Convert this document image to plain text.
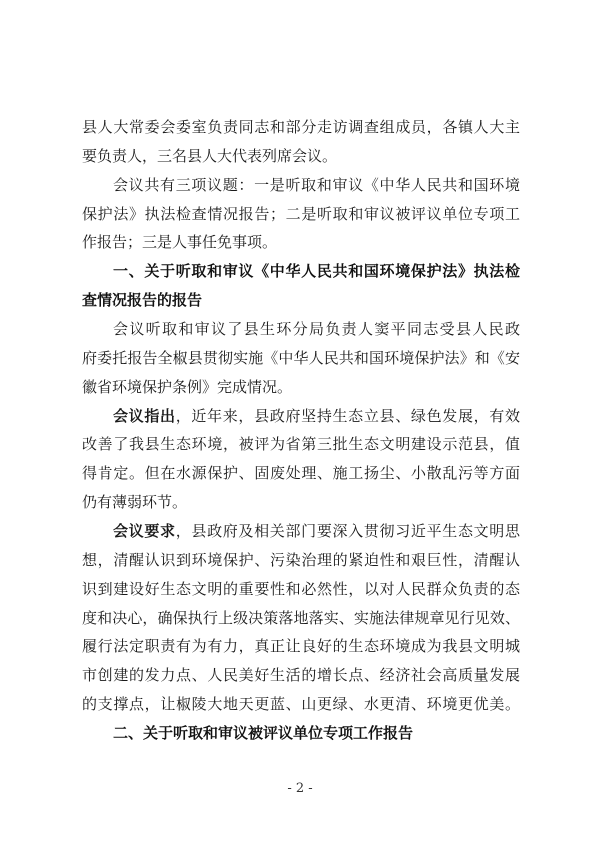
县人大常委会委室负责同志和部分走访调查组成员，各镇人大主
要负责人，三名县人大代表列席会议。
会议共有三项议题：一是听取和审议《中华人民共和国环境
保护法》执法检查情况报告；二是听取和审议被评议单位专项工
作报告；三是人事任免事项。
一、关于听取和审议《中华人民共和国环境保护法》执法检
查情况报告的报告
会议听取和审议了县生环分局负责人窦平同志受县人民政
府委托报告全椒县贯彻实施《中华人民共和国环境保护法》和《安
徽省环境保护条例》完成情况。
会议指出，近年来，县政府坚持生态立县、绿色发展，有效
改善了我县生态环境，被评为省第三批生态文明建设示范县，值
得肯定。但在水源保护、固废处理、施工扬尘、小散乱污等方面
仍有薄弱环节。
会议要求，县政府及相关部门要深入贯彻习近平生态文明思
想，清醒认识到环境保护、污染治理的紧迫性和艰巨性，清醒认
识到建设好生态文明的重要性和必然性，以对人民群众负责的态
度和决心，确保执行上级决策落地落实、实施法律规章见行见效、
履行法定职责有为有力，真正让良好的生态环境成为我县文明城
市创建的发力点、人民美好生活的增长点、经济社会高质量发展
的支撑点，让椒陵大地天更蓝、山更绿、水更清、环境更优美。
二、关于听取和审议被评议单位专项工作报告
- 2 -
